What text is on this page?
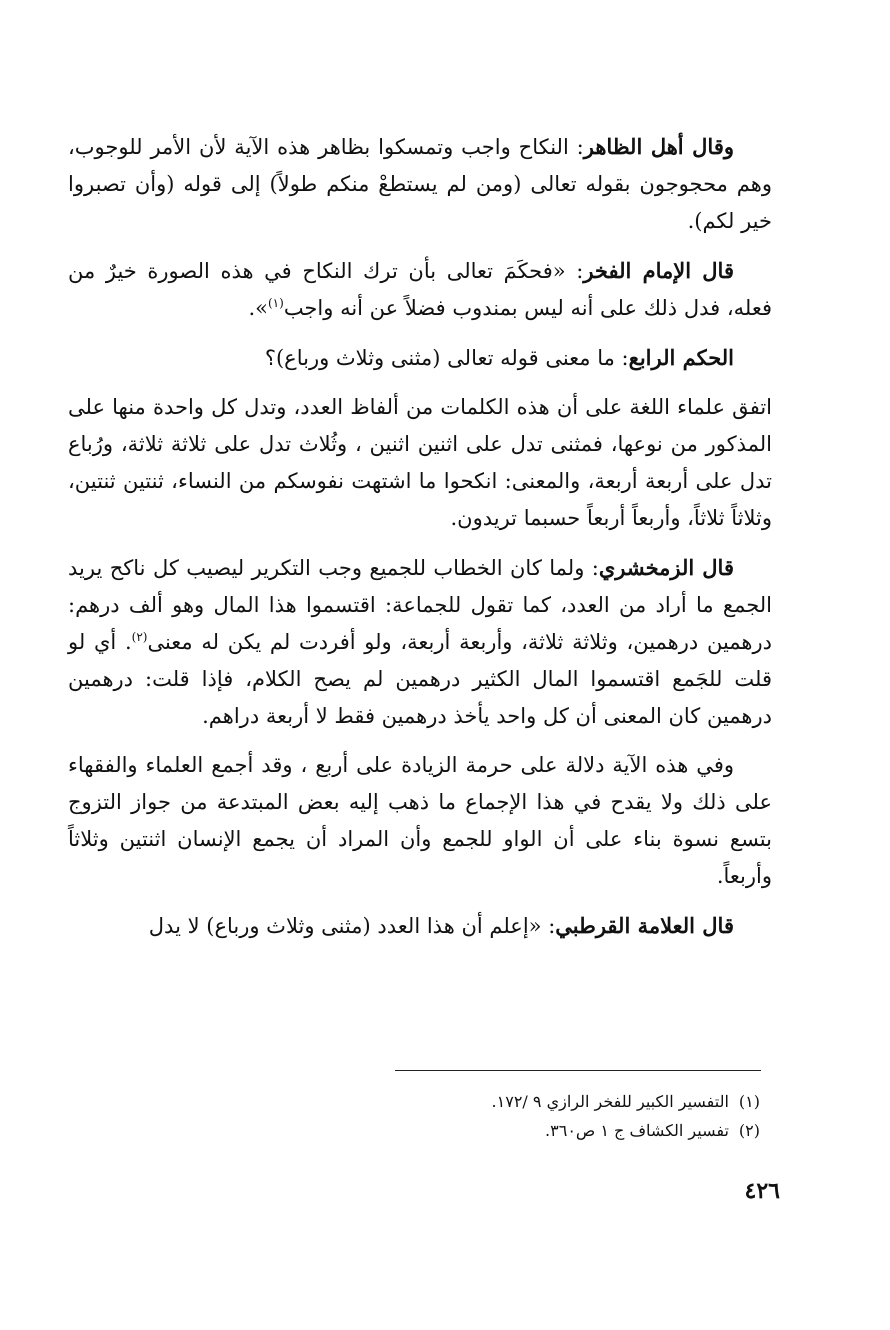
وقال أهل الظاهر: النكاح واجب وتمسكوا بظاهر هذه الآية لأن الأمر للوجوب، وهم محجوجون بقوله تعالى (ومن لم يستطعْ منكم طولاً) إلى قوله (وأن تصبروا خير لكم).

قال الإمام الفخر: «فحكَمَ تعالى بأن ترك النكاح في هذه الصورة خيرٌ من فعله، فدل ذلك على أنه ليس بمندوب فضلاً عن أنه واجب$^{(١)}$».

الحكم الرابع: ما معنى قوله تعالى (مثنى وثلاث ورباع)؟

اتفق علماء اللغة على أن هذه الكلمات من ألفاظ العدد، وتدل كل واحدة منها على المذكور من نوعها، فمثنى تدل على اثنين اثنين ، وثُلاث تدل على ثلاثة ثلاثة، ورُباع تدل على أربعة أربعة، والمعنى: انكحوا ما اشتهت نفوسكم من النساء، ثنتين ثنتين، وثلاثاً ثلاثاً، وأربعاً أربعاً حسبما تريدون.

قال الزمخشري: ولما كان الخطاب للجميع وجب التكرير ليصيب كل ناكح يريد الجمع ما أراد من العدد، كما تقول للجماعة: اقتسموا هذا المال وهو ألف درهم: درهمين درهمين، وثلاثة ثلاثة، وأربعة أربعة، ولو أفردت لم يكن له معنى$^{(٢)}$. أي لو قلت للجَمع اقتسموا المال الكثير درهمين لم يصح الكلام، فإذا قلت: درهمين درهمين كان المعنى أن كل واحد يأخذ درهمين فقط لا أربعة دراهم.

وفي هذه الآية دلالة على حرمة الزيادة على أربع ، وقد أجمع العلماء والفقهاء على ذلك ولا يقدح في هذا الإجماع ما ذهب إليه بعض المبتدعة من جواز التزوج بتسع نسوة بناء على أن الواو للجمع وأن المراد أن يجمع الإنسان اثنتين وثلاثاً وأربعاً.

قال العلامة القرطبي: «إعلم أن هذا العدد (مثنى وثلاث ورباع) لا يدل

(١)التفسير الكبير للفخر الرازي ٩ /١٧٢.

(٢)تفسير الكشاف ج ١ ص٣٦٠.

٤٢٦
